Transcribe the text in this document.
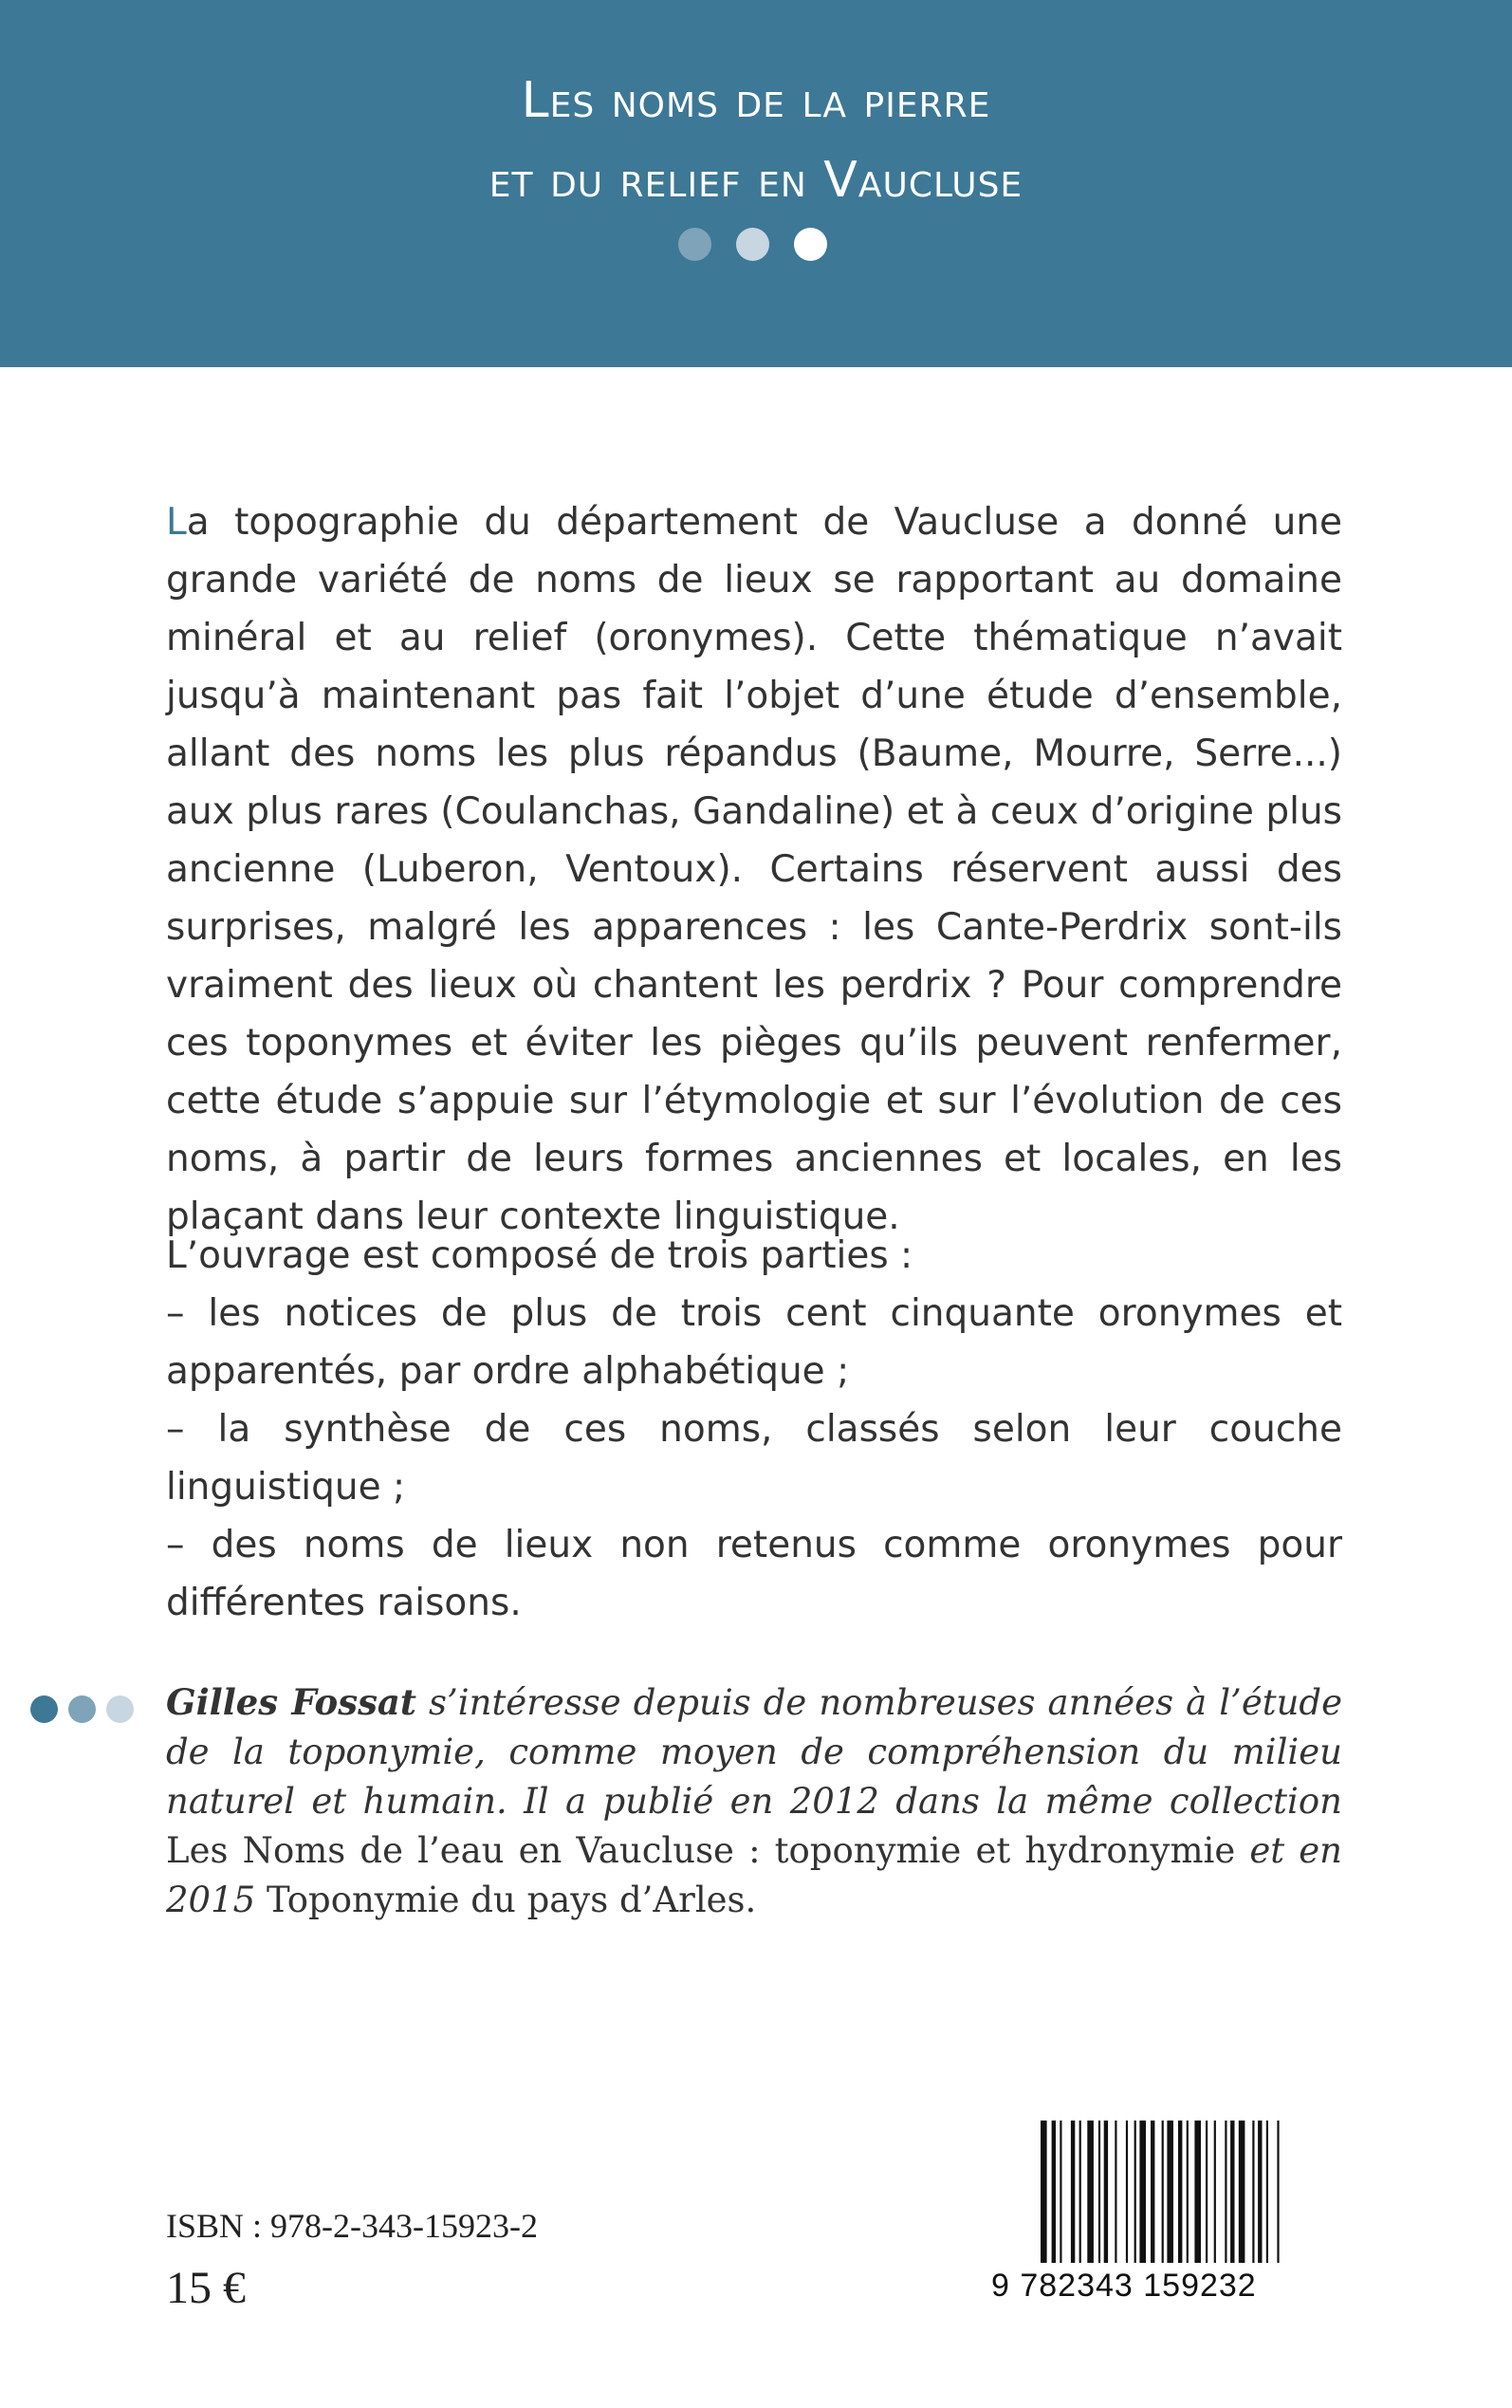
Les noms de la pierre
et du relief en Vaucluse
La topographie du département de Vaucluse a donné une grande variété de noms de lieux se rapportant au domaine minéral et au relief (oronymes). Cette thématique n’avait jusqu’à maintenant pas fait l’objet d’une étude d’ensemble, allant des noms les plus répandus (Baume, Mourre, Serre...) aux plus rares (Coulanchas, Gandaline) et à ceux d’origine plus ancienne (Luberon, Ventoux). Certains réservent aussi des surprises, malgré les apparences : les Cante-Perdrix sont-ils vraiment des lieux où chantent les perdrix ? Pour comprendre ces toponymes et éviter les pièges qu’ils peuvent renfermer, cette étude s’appuie sur l’étymologie et sur l’évolution de ces noms, à partir de leurs formes anciennes et locales, en les plaçant dans leur contexte linguistique.
L’ouvrage est composé de trois parties :
– les notices de plus de trois cent cinquante oronymes et apparentés, par ordre alphabétique ;
– la synthèse de ces noms, classés selon leur couche linguistique ;
– des noms de lieux non retenus comme oronymes pour différentes raisons.
Gilles Fossat s’intéresse depuis de nombreuses années à l’étude de la toponymie, comme moyen de compréhension du milieu naturel et humain. Il a publié en 2012 dans la même collection Les Noms de l’eau en Vaucluse : toponymie et hydronymie et en 2015 Toponymie du pays d’Arles.
ISBN : 978-2-343-15923-2
15 €	9 782343 159232
